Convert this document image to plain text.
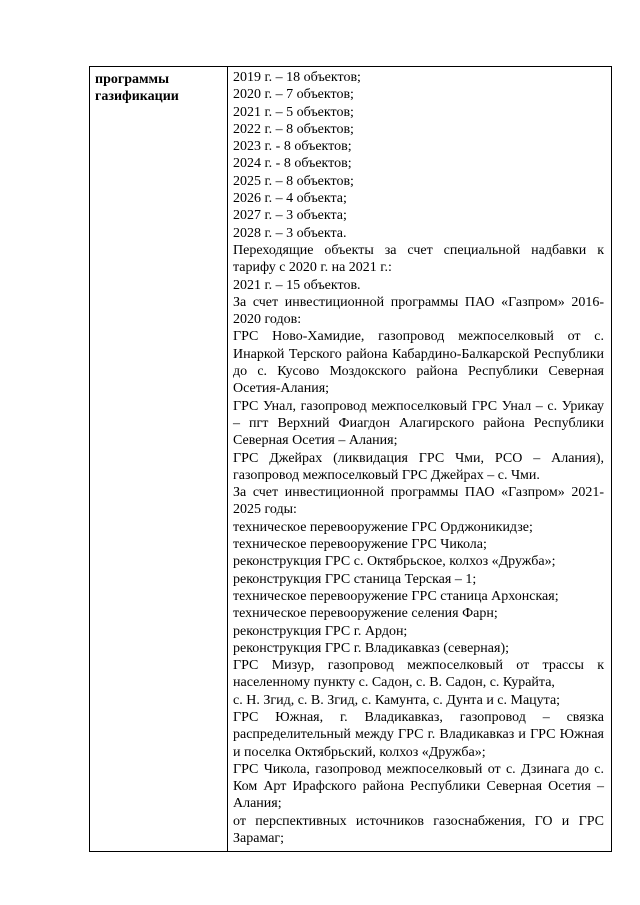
программы
газификации
2019 г. – 18 объектов;
2020 г. – 7 объектов;
2021 г. – 5 объектов;
2022 г. – 8 объектов;
2023 г. - 8 объектов;
2024 г. - 8 объектов;
2025 г. – 8 объектов;
2026 г. – 4 объекта;
2027 г. – 3 объекта;
2028 г. – 3 объекта.
Переходящие объекты за счет специальной надбавки к тарифу с 2020 г. на 2021 г.:
2021 г. – 15 объектов.
За счет инвестиционной программы ПАО «Газпром» 2016-2020 годов:
ГРС Ново-Хамидие, газопровод межпоселковый от с. Инаркой Терского района Кабардино-Балкарской Республики до с. Кусово Моздокского района Республики Северная Осетия-Алания;
ГРС Унал, газопровод межпоселковый ГРС Унал – с. Урикау – пгт Верхний Фиагдон Алагирского района Республики Северная Осетия – Алания;
ГРС Джейрах (ликвидация ГРС Чми, РСО – Алания), газопровод межпоселковый ГРС Джейрах – с. Чми.
За счет инвестиционной программы ПАО «Газпром» 2021-2025 годы:
техническое перевооружение ГРС Орджоникидзе;
техническое перевооружение ГРС Чикола;
реконструкция ГРС с. Октябрьское, колхоз «Дружба»;
реконструкция ГРС станица Терская – 1;
техническое перевооружение ГРС станица Архонская;
техническое перевооружение селения Фарн;
реконструкция ГРС г. Ардон;
реконструкция ГРС г. Владикавказ (северная);
ГРС Мизур, газопровод межпоселковый от трассы к населенному пункту с. Садон, с. В. Садон, с. Курайта,
с. Н. Згид, с. В. Згид, с. Камунта, с. Дунта и с. Мацута;
ГРС Южная, г. Владикавказ, газопровод – связка распределительный между ГРС г. Владикавказ и ГРС Южная и поселка Октябрьский, колхоз «Дружба»;
ГРС Чикола, газопровод межпоселковый от с. Дзинага до с. Ком Арт Ирафского района Республики Северная Осетия – Алания;
от перспективных источников газоснабжения, ГО и ГРС Зарамаг;
